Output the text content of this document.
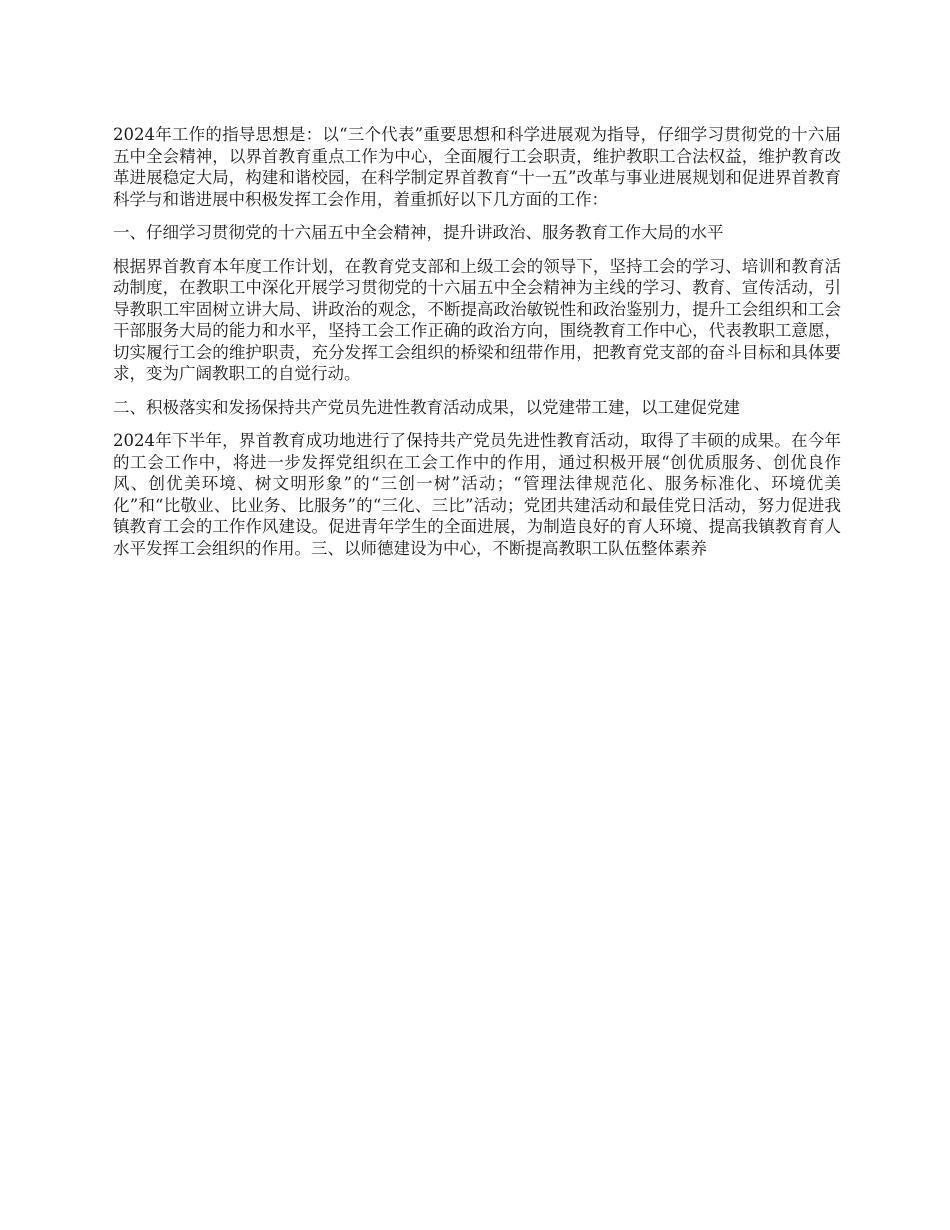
2024年工作的指导思想是：以“三个代表”重要思想和科学进展观为指导，仔细学习贯彻党的十六届五中全会精神，以界首教育重点工作为中心，全面履行工会职责，维护教职工合法权益，维护教育改革进展稳定大局，构建和谐校园，在科学制定界首教育“十一五”改革与事业进展规划和促进界首教育科学与和谐进展中积极发挥工会作用，着重抓好以下几方面的工作：

一、仔细学习贯彻党的十六届五中全会精神，提升讲政治、服务教育工作大局的水平

根据界首教育本年度工作计划，在教育党支部和上级工会的领导下，坚持工会的学习、培训和教育活动制度，在教职工中深化开展学习贯彻党的十六届五中全会精神为主线的学习、教育、宣传活动，引导教职工牢固树立讲大局、讲政治的观念，不断提高政治敏锐性和政治鉴别力，提升工会组织和工会干部服务大局的能力和水平，坚持工会工作正确的政治方向，围绕教育工作中心，代表教职工意愿，切实履行工会的维护职责，充分发挥工会组织的桥梁和纽带作用，把教育党支部的奋斗目标和具体要求，变为广阔教职工的自觉行动。

二、积极落实和发扬保持共产党员先进性教育活动成果，以党建带工建，以工建促党建

2024年下半年，界首教育成功地进行了保持共产党员先进性教育活动，取得了丰硕的成果。在今年的工会工作中，将进一步发挥党组织在工会工作中的作用，通过积极开展“创优质服务、创优良作风、创优美环境、树文明形象”的“三创一树”活动；“管理法律规范化、服务标准化、环境优美化”和“比敬业、比业务、比服务”的“三化、三比”活动；党团共建活动和最佳党日活动，努力促进我镇教育工会的工作作风建设。促进青年学生的全面进展，为制造良好的育人环境、提高我镇教育育人水平发挥工会组织的作用。三、以师德建设为中心，不断提高教职工队伍整体素养
